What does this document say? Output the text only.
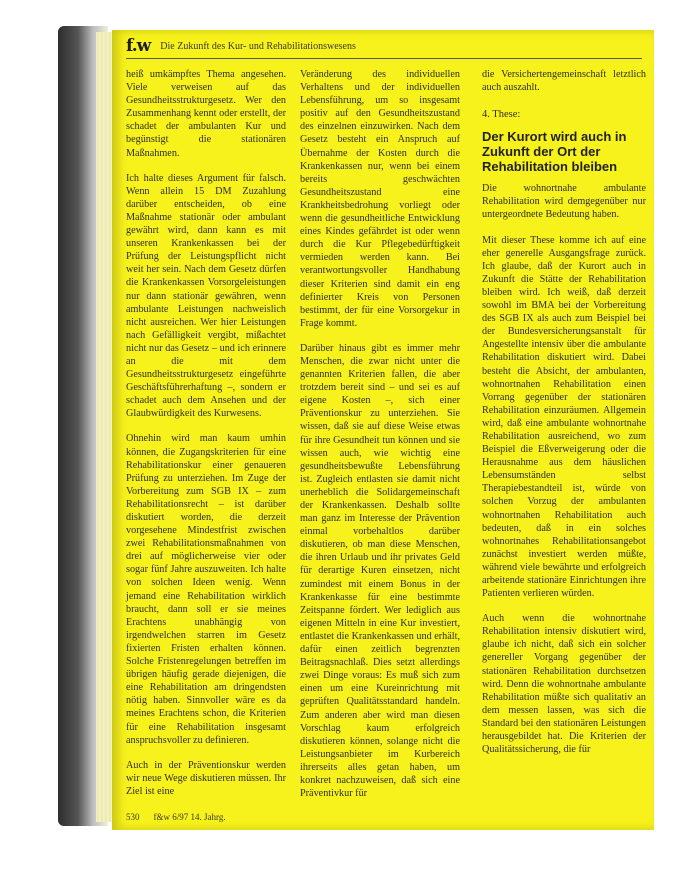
f.w Die Zukunft des Kur- und Rehabilitationswesens

heiß umkämpftes Thema angesehen. Viele verweisen auf das Gesundheitsstrukturgesetz. Wer den Zusammenhang kennt oder erstellt, der schadet der ambulanten Kur und begünstigt die stationären Maßnahmen.

Ich halte dieses Argument für falsch. Wenn allein 15 DM Zuzahlung darüber entscheiden, ob eine Maßnahme stationär oder ambulant gewährt wird, dann kann es mit unseren Krankenkassen bei der Prüfung der Leistungspflicht nicht weit her sein. Nach dem Gesetz dürfen die Krankenkassen Vorsorgeleistungen nur dann stationär gewähren, wenn ambulante Leistungen nachweislich nicht ausreichen. Wer hier Leistungen nach Gefälligkeit vergibt, mißachtet nicht nur das Gesetz – und ich erinnere an die mit dem Gesundheitsstrukturgesetz eingeführte Geschäftsführerhaftung –, sondern er schadet auch dem Ansehen und der Glaubwürdigkeit des Kurwesens.

Ohnehin wird man kaum umhin können, die Zugangskriterien für eine Rehabilitationskur einer genaueren Prüfung zu unterziehen. Im Zuge der Vorbereitung zum SGB IX – zum Rehabilitationsrecht – ist darüber diskutiert worden, die derzeit vorgesehene Mindestfrist zwischen zwei Rehabilitationsmaßnahmen von drei auf möglicherweise vier oder sogar fünf Jahre auszuweiten. Ich halte von solchen Ideen wenig. Wenn jemand eine Rehabilitation wirklich braucht, dann soll er sie meines Erachtens unabhängig von irgendwelchen starren im Gesetz fixierten Fristen erhalten können. Solche Fristenregelungen betreffen im übrigen häufig gerade diejenigen, die eine Rehabilitation am dringendsten nötig haben. Sinnvoller wäre es da meines Erachtens schon, die Kriterien für eine Rehabilitation insgesamt anspruchsvoller zu definieren.

Auch in der Präventionskur werden wir neue Wege diskutieren müssen. Ihr Ziel ist eine

Veränderung des individuellen Verhaltens und der individuellen Lebensführung, um so insgesamt positiv auf den Gesundheitszustand des einzelnen einzuwirken. Nach dem Gesetz besteht ein Anspruch auf Übernahme der Kosten durch die Krankenkassen nur, wenn bei einem bereits geschwächten Gesundheitszustand eine Krankheitsbedrohung vorliegt oder wenn die gesundheitliche Entwicklung eines Kindes gefährdet ist oder wenn durch die Kur Pflegebedürftigkeit vermieden werden kann. Bei verantwortungsvoller Handhabung dieser Kriterien sind damit ein eng definierter Kreis von Personen bestimmt, der für eine Vorsorgekur in Frage kommt.

Darüber hinaus gibt es immer mehr Menschen, die zwar nicht unter die genannten Kriterien fallen, die aber trotzdem bereit sind – und sei es auf eigene Kosten –, sich einer Präventionskur zu unterziehen. Sie wissen, daß sie auf diese Weise etwas für ihre Gesundheit tun können und sie wissen auch, wie wichtig eine gesundheitsbewußte Lebensführung ist. Zugleich entlasten sie damit nicht unerheblich die Solidargemeinschaft der Krankenkassen. Deshalb sollte man ganz im Interesse der Prävention einmal vorbehaltlos darüber diskutieren, ob man diese Menschen, die ihren Urlaub und ihr privates Geld für derartige Kuren einsetzen, nicht zumindest mit einem Bonus in der Krankenkasse für eine bestimmte Zeitspanne fördert. Wer lediglich aus eigenen Mitteln in eine Kur investiert, entlastet die Krankenkassen und erhält, dafür einen zeitlich begrenzten Beitragsnachlaß. Dies setzt allerdings zwei Dinge voraus: Es muß sich zum einen um eine Kureinrichtung mit geprüften Qualitätsstandard handeln. Zum anderen aber wird man diesen Vorschlag kaum erfolgreich diskutieren können, solange nicht die Leistungsanbieter im Kurbereich ihrerseits alles getan haben, um konkret nachzuweisen, daß sich eine Präventivkur für

die Versichertengemeinschaft letztlich auch auszahlt.

4. These:
Der Kurort wird auch in Zukunft der Ort der Rehabilitation bleiben

Die wohnortnahe ambulante Rehabilitation wird demgegenüber nur untergeordnete Bedeutung haben.

Mit dieser These komme ich auf eine eher generelle Ausgangsfrage zurück. Ich glaube, daß der Kurort auch in Zukunft die Stätte der Rehabilitation bleiben wird. Ich weiß, daß derzeit sowohl im BMA bei der Vorbereitung des SGB IX als auch zum Beispiel bei der Bundesversicherungsanstalt für Angestellte intensiv über die ambulante Rehabilitation diskutiert wird. Dabei besteht die Absicht, der ambulanten, wohnortnahen Rehabilitation einen Vorrang gegenüber der stationären Rehabilitation einzuräumen. Allgemein wird, daß eine ambulante wohnortnahe Rehabilitation ausreichend, wo zum Beispiel die Eßverweigerung oder die Herausnahme aus dem häuslichen Lebensumständen selbst Therapiebestandteil ist, würde von solchen Vorzug der ambulanten wohnortnahen Rehabilitation auch bedeuten, daß in ein solches wohnortnahes Rehabilitationsangebot zunächst investiert werden müßte, während viele bewährte und erfolgreich arbeitende stationäre Einrichtungen ihre Patienten verlieren würden.

Auch wenn die wohnortnahe Rehabilitation intensiv diskutiert wird, glaube ich nicht, daß sich ein solcher genereller Vorgang gegenüber der stationären Rehabilitation durchsetzen wird. Denn die wohnortnahe ambulante Rehabilitation müßte sich qualitativ an dem messen lassen, was sich die Standard bei den stationären Leistungen herausgebildet hat. Die Kriterien der Qualitätssicherung, die für

530 f&w 6/97 14. Jahrg.
